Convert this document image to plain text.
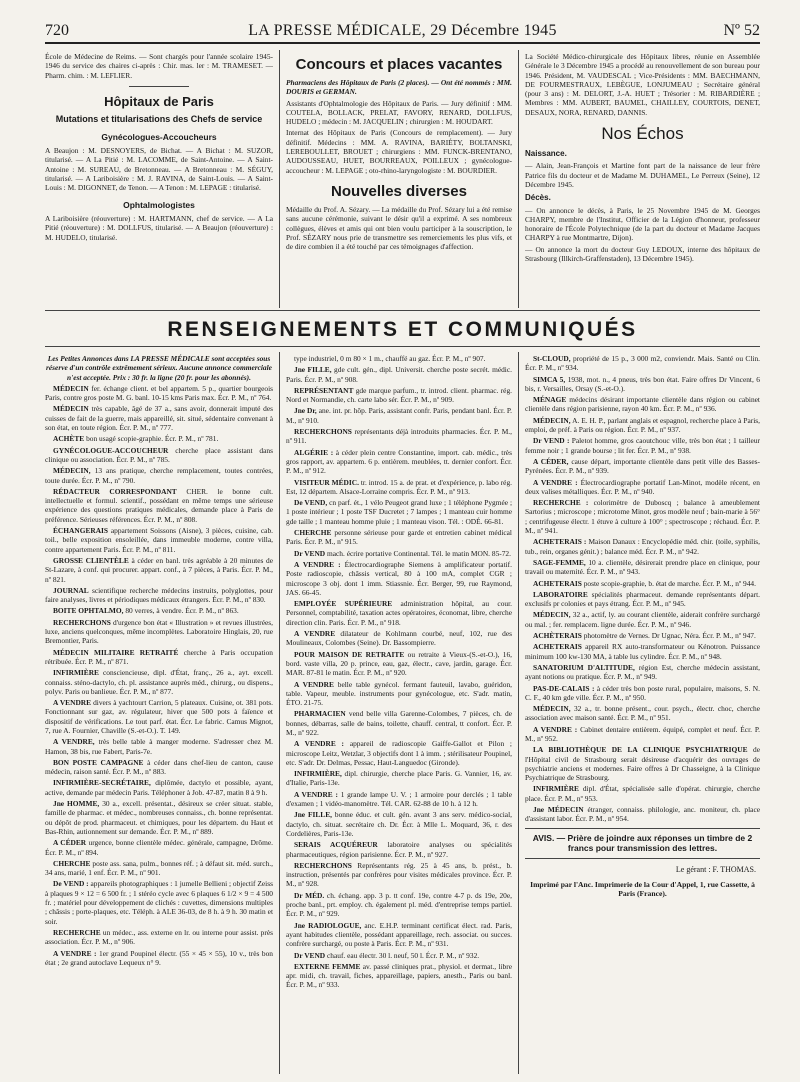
720	LA PRESSE MÉDICALE, 29 Décembre 1945	Nº 52

École de Médecine de Reims. — Sont chargés pour l'année scolaire 1945-1946 du service des chaires ci-après : Chir. mas. ler : M. TRAMESET. — Pharm. chim. : M. LEFLIER.

Hôpitaux de Paris
Mutations et titularisations des Chefs de service
Gynécologues-Accoucheurs

A Beaujon : M. DESNOYERS, de Bichat. — A Bichat : M. SUZOR, titularisé. — A La Pitié : M. LACOMME, de Saint-Antoine. — A Saint-Antoine : M. SUREAU, de Bretonneau. — A Bretonneau : M. SÉGUY, titularisé. — A Lariboisière : M. J. RAVINA, de Saint-Louis. — A Saint-Louis : M. DIGONNET, de Tenon. — A Tenon : M. LEPAGE : titularisé.

Ophtalmologistes

A Lariboisière (réouverture) : M. HARTMANN, chef de service. — A La Pitié (réouverture) : M. DOLLFUS, titularisé. — A Beaujon (réouverture) : M. HUDELO, titularisé.

Concours et places vacantes

Pharmaciens des Hôpitaux de Paris (2 places). — Ont été nommés : MM. DOURIS et GERMAN.

Assistants d'Ophtalmologie des Hôpitaux de Paris. — Jury définitif : MM. COUTELA, BOLLACK, PRELAT, FAVORY, RENARD, DOLLFUS, HUDELO ; médecin : M. JACQUELIN ; chirurgien : M. HOUDART.

Internat des Hôpitaux de Paris (Concours de remplacement). — Jury définitif. Médecins : MM. A. RAVINA, BARIÉTY, BOLTANSKI, LEREBOULLET, BROUET ; chirurgiens : MM. FUNCK-BRENTANO, AUDOUSSEAU, HUET, BOURREAUX, POILLEUX ; gynécologue-accoucheur : M. LEPAGE ; oto-rhino-laryngologiste : M. BOURDIER.

Nouvelles diverses

Médaille du Prof. A. Sézary. — La médaille du Prof. Sézary lui a été remise sans aucune cérémonie, suivant le désir qu'il a exprimé. A ses nombreux collègues, élèves et amis qui ont bien voulu participer à la souscription, le Prof. SÉZARY nous prie de transmettre ses remerciements les plus vifs, et de dire combien il a été touché par ces témoignages d'affection.

La Société Médico-chirurgicale des Hôpitaux libres, réunie en Assemblée Générale le 3 Décembre 1945 a procédé au renouvellement de son bureau pour 1946. Président, M. VAUDESCAL ; Vice-Présidents : MM. BAECHMANN, DE FOURMESTRAUX, LEBÈGUE, LONJUMEAU ; Secrétaire général (pour 3 ans) : M. DELORT, J.-A. HUET ; Trésorier : M. RIBARDIÈRE ; Membres : MM. AUBERT, BAUMEL, CHAILLEY, COURTOIS, DENET, DESAUX, NORA, RENARD, DANNIS.

Nos Échos
Naissance.

— Alain, Jean-François et Martine font part de la naissance de leur frère Patrice fils du docteur et de Madame M. DUHAMEL, Le Perreux (Seine), 12 Décembre 1945.

Décès.

— On annonce le décès, à Paris, le 25 Novembre 1945 de M. Georges CHARPY, membre de l'Institut, Officier de la Légion d'honneur, professeur honoraire de l'École Polytechnique (de la part du docteur et Madame Jacques CHARPY à rue Montmartre, Dijon).

— On annonce la mort du docteur Guy LEDOUX, interne des hôpitaux de Strasbourg (Illkirch-Graffenstaden), 13 Décembre 1945).

RENSEIGNEMENTS ET COMMUNIQUÉS

Les Petites Annonces dans LA PRESSE MÉDICALE sont acceptées sous réserve d'un contrôle extrêmement sérieux. Aucune annonce commerciale n'est acceptée. Prix : 30 fr. la ligne (20 fr. pour les abonnés).

MÉDECIN fer. échange client. et bel appartem. 5 p., quartier bourgeois Paris, contre gros poste M. G. banl. 10-15 kms Paris max. Écr. P. M., nº 764.

MÉDECIN très capable, âgé de 37 a., sans avoir, donnerait imputé des cuisses de fait de la guerre, mais appareillé, sit. situé, sédentaire convenant à son état, en toute région. Écr. P. M., nº 777.

ACHÈTE bon usagé scopie-graphie. Écr. P. M., nº 781.

GYNÉCOLOGUE-ACCOUCHEUR cherche place assistant dans clinique ou association. Écr. P. M., nº 785.

MÉDECIN, 13 ans pratique, cherche remplacement, toutes contrées, toute durée. Écr. P. M., nº 790.

RÉDACTEUR CORRESPONDANT CHER. le bonne cult. intellectuelle et formul. scientif., possédant en même temps une sérieuse expérience des questions pratiques médicales, demande place à Paris de préférence. Sérieuses références. Écr. P. M., nº 808.

ÉCHANGERAIS appartement Soissons (Aisne), 3 pièces, cuisine, cab. toil., belle exposition ensoleillée, dans immeuble moderne, contre villa, contre appartement Paris. Écr. P. M., nº 811.

GROSSE CLIENTÈLE à céder en banl. très agréable à 20 minutes de St-Lazare, à conf. qui procurer. appart. conf., à 7 pièces, à Paris. Écr. P. M., nº 821.

JOURNAL scientifique recherche médecins instruits, polyglottes, pour faire analyses, livres et périodiques médicaux étrangers. Écr. P. M., nº 830.

BOITE OPHTALMO, 80 verres, à vendre. Écr. P. M., nº 863.

RECHERCHONS d'urgence bon état « Illustration » et revues illustrées, luxe, anciens quelconques, même incomplètes. Laboratoire Hinglais, 20, rue Bremontier, Paris.

MÉDECIN MILITAIRE RETRAITÉ cherche à Paris occupation rétribuée. Écr. P. M., nº 871.

INFIRMIÈRE consciencieuse, dipl. d'État, franç., 26 a., ayt. excell. connaiss. sténo-dactylo, ch. pl. assistance auprès méd., chirurg., ou dispens., polyv. Paris ou banlieue. Écr. P. M., nº 877.

A VENDRE divers à yachtourt Carrion, 5 plateaux. Cuisine, ot. 381 pots. Fonctionnant sur gaz, av. régulateur, hiver que 500 pots à faïence et dispositif de vérifications. Le tout parf. état. Écr. Le fabric. Camus Mignot, 7, rue A. Fournier, Chaville (S.-et-O.). T. 149.

A VENDRE, très belle table à manger moderne. S'adresser chez M. Hamon, 38 bis, rue Fabert, Paris-7e.

BON POSTE CAMPAGNE à céder dans chef-lieu de canton, cause médecin, raison santé. Écr. P. M., nº 883.

INFIRMIÈRE-SECRÉTAIRE, diplômée, dactylo et possible, ayant, active, demande par médecin Paris. Téléphoner à Job. 47-87, matin 8 à 9 h.

Jne HOMME, 30 a., excell. présentat., désireux se créer situat. stable, famille de pharmac. et médec., nombreuses connaiss., ch. bonne représentat. ou dépôt de prod. pharmaceut. et chimiques, pour les départem. du Haut et Bas-Rhin, autionnement sur demande. Écr. P. M., nº 889.

A CÉDER urgence, bonne clientèle médec. générale, campagne, Drôme. Écr. P. M., nº 894.

CHERCHE poste ass. sana, pulm., bonnes réf. ; à défaut sit. méd. surch., 34 ans, marié, 1 enf. Écr. P. M., nº 901.

De VEND : appareils photographiques : 1 jumelle Bellieni ; objectif Zeiss à plaques 9 × 12 = 6 500 fr. ; 1 stéréo cycle avec 6 plaques 6 1/2 × 9 = 4 500 fr. ; matériel pour développement de clichés : cuvettes, dimensions multiples ; châssis ; porte-plaques, etc. Téléph. à ALE 36-03, de 8 h. à 9 h. 30 matin et soir.

RECHERCHE un médec., ass. externe en lr. ou interne pour assist. près association. Écr. P. M., nº 906.

A VENDRE : 1er grand Poupinel électr. (55 × 45 × 55), 10 v., très bon état ; 2e grand autoclave Lequeux n° 9.

type industriel, 0 m 80 × 1 m., chauffé au gaz. Écr. P. M., nº 907.

Jne FILLE, gde cult. gén., dipl. Universit. cherche poste secrét. médic. Paris. Écr. P. M., nº 908.

REPRÉSENTANT gde marque parfum., tr. introd. client. pharmac. rég. Nord et Normandie, ch. carte labo sér. Écr. P. M., nº 909.

Jne Dr, ane. int. pr. hôp. Paris, assistant confr. Paris, pendant banl. Écr. P. M., nº 910.

RECHERCHONS représentants déjà introduits pharmacies. Écr. P. M., nº 911.

ALGÉRIE : à céder plein centre Constantine, import. cab. médic., très gros rapport, av. appartem. 6 p. entièrem. meublées, tt. dernier confort. Écr. P. M., nº 912.

VISITEUR MÉDIC. tr. introd. 15 a. de prat. et d'expérience, p. labo rég. Est, 12 départem. Alsace-Lorraine compris. Écr. P. M., nº 913.

De VEND, cn parf. ét., 1 vélo Peugeot grand luxe ; 1 téléphone Pygmée ; 1 poste intérieur ; 1 poste TSF Ducretet ; 7 lampes ; 1 manteau cuir homme gde taille ; 1 manteau homme pluie ; 1 manteau vison. Tél. : ODÉ. 66-81.

CHERCHE personne sérieuse pour garde et entretien cabinet médical Paris. Écr. P. M., nº 915.

Dr VEND mach. écrire portative Continental. Tél. le matin MON. 85-72.

A VENDRE : Électrocardiographe Siemens à amplificateur portatif. Poste radioscopie, châssis vertical, 80 à 100 mA, complet CGR ; microscope 3 obj. dont 1 imm. Stiassnie. Écr. Berger, 99, rue Raymond, JAS. 66-45.

EMPLOYÉE SUPÉRIEURE administration hôpital, au cour. Personnel, comptabilité, taxation actes opératoires, économat, libre, cherche direction clin. Paris. Écr. P. M., nº 918.

A VENDRE dilatateur de Kohlmann courbé, neuf, 102, rue des Moulineaux, Colombes (Seine). Dr. Bassompierre.

POUR MAISON DE RETRAITE ou retraite à Vieux-(S.-et-O.), 16, bord. vaste villa, 20 p. prince, eau, gaz, électr., cave, jardin, garage. Écr. MAR. 87-81 le matin. Écr. P. M., nº 920.

A VENDRE belle table gynécol. fermant fauteuil, lavabo, guéridon, table. Vapeur, meuble. instruments pour gynécologue, etc. S'adr. matin, ÉTO. 21-75.

PHARMACIEN vend belle villa Garenne-Colombes, 7 pièces, ch. de bonnes, débarras, salle de bains, toilette, chauff. central, tt confort. Écr. P. M., nº 922.

A VENDRE : appareil de radioscopie Gaiffe-Gallot et Pilon ; microscope Leitz, Wetzlar, 3 objectifs dont 1 à imm. ; stérilisateur Poupinel, etc. S'adr. Dr. Delmas, Pessac, Haut-Languedoc (Gironde).

INFIRMIÈRE, dipl. chirurgie, cherche place Paris. G. Vannier, 16, av. d'Italie, Paris-13e.

A VENDRE : 1 grande lampe U. V. ; 1 armoire pour derclés ; 1 table d'examen ; 1 vidéo-manomètre. Tél. CAR. 62-88 de 10 h. à 12 h.

Jne FILLE, bonne éduc. et cult. gén. avant 3 ans serv. médico-social, dactylo, ch. situat. secrétaire ch. Dr. Écr. à Mlle L. Moquard, 36, r. des Cordelières, Paris-13e.

SERAIS ACQUÉREUR laboratoire analyses ou spécialités pharmaceutiques, région parisienne. Écr. P. M., nº 927.

RECHERCHONS Représentants rég. 25 à 45 ans, b. prést., b. instruction, présentés par confrères pour visites médicales province. Écr. P. M., nº 928.

Dr MÉD. ch. échang. app. 3 p. tt conf. 19e, contre 4-7 p. ds 19e, 20e, proche banl., prt. employ. ch. également pl. méd. d'entreprise temps partiel. Écr. P. M., nº 929.

Jne RADIOLOGUE, anc. E.H.P. terminant certificat élect. rad. Paris, ayant habitudes clientèle, possédant appareillage, rech. associat. ou succes. confrère surchargé, ou poste à Paris. Écr. P. M., nº 931.

Dr VEND chauf. eau électr. 30 l. neuf, 50 l. Écr. P. M., nº 932.

EXTERNE FEMME av. passé cliniques prat., physiol. et dermat., libre apr. midi, ch. travail, fiches, appareillage, papiers, anesth., Paris ou banl. Écr. P. M., nº 933.

St-CLOUD, propriété de 15 p., 3 000 m2, conviendr. Mais. Santé ou Clin. Écr. P. M., nº 934.

SIMCA 5, 1938, mot. n., 4 pneus, très bon état. Faire offres Dr Vincent, 6 bis, r. Versailles, Orsay (S.-et-O.).

MÉNAGE médecins désirant importante clientèle dans région ou cabinet clientèle dans région parisienne, rayon 40 km. Écr. P. M., nº 936.

MÉDECIN, A. E. H. P., parlant anglais et espagnol, recherche place à Paris, emploi, de préf. à Paris ou région. Écr. P. M., nº 937.

Dr VEND : Paletot homme, gros caoutchouc ville, très bon état ; 1 tailleur femme noir ; 1 grande bourse ; lit fer. Écr. P. M., nº 938.

A CÉDER, cause départ, importante clientèle dans petit ville des Basses-Pyrénées. Écr. P. M., nº 939.

A VENDRE : Électrocardiographe portatif Lan-Minot, modèle récent, en deux valises métalliques. Écr. P. M., nº 940.

RECHERCHE : colorimètre de Duboscq ; balance à ameublement Sartorius ; microscope ; microtome Minot, gros modèle neuf ; bain-marie à 56° ; centrifugeuse électr. 1 étuve à culture à 100° ; spectroscope ; réchaud. Écr. P. M., nº 941.

ACHETERAIS : Maison Danaux : Encyclopédie méd. chir. (toile, syphilis, tub., rein, organes génit.) ; balance méd. Écr. P. M., nº 942.

SAGE-FEMME, 10 a. clientèle, désirerait prendre place en clinique, pour travail ou maternité. Écr. P. M., nº 943.

ACHETERAIS poste scopie-graphie, b. état de marche. Écr. P. M., nº 944.

LABORATOIRE spécialités pharmaceut. demande représentants départ. exclusifs pr colonies et pays étrang. Écr. P. M., nº 945.

MÉDECIN, 32 a., actif, ly. au courant clientèle, aiderait confrère surchargé ou mal. ; fer. remplacem. ligne durée. Écr. P. M., nº 946.

ACHÈTERAIS photomètre de Vernes. Dr Ugnac, Néra. Écr. P. M., nº 947.

ACHETERAIS appareil RX auto-transformateur ou Kénotron. Puissance minimum 100 kw-130 MA, à table lus cylindre. Écr. P. M., nº 948.

SANATORIUM D'ALTITUDE, région Est, cherche médecin assistant, ayant notions ou pratique. Écr. P. M., nº 949.

PAS-DE-CALAIS : à céder très bon poste rural, populaire, maisons, S. N. C. F., 40 km gde ville. Écr. P. M., nº 950.

MÉDECIN, 32 a., tr. bonne présent., cour. psych., électr. choc, cherche association avec maison santé. Écr. P. M., nº 951.

A VENDRE : Cabinet dentaire entièrem. équipé, complet et neuf. Écr. P. M., nº 952.

LA BIBLIOTHÈQUE DE LA CLINIQUE PSYCHIATRIQUE de l'Hôpital civil de Strasbourg serait désireuse d'acquérir des ouvrages de psychiatrie anciens et modernes. Faire offres à Dr Chasseigne, à la Clinique Psychiatrique de Strasbourg.

INFIRMIÈRE dipl. d'État, spécialisée salle d'opérat. chirurgie, cherche place. Écr. P. M., nº 953.

Jne MÉDECIN étranger, connaiss. philologie, anc. moniteur, ch. place d'assistant labor. Écr. P. M., nº 954.

AVIS. — Prière de joindre aux réponses un timbre de 2 francs pour transmission des lettres.
Le gérant : F. THOMAS.
Imprimé par l'Anc. Imprimerie de la Cour d'Appel, 1, rue Cassette, à Paris (France).
